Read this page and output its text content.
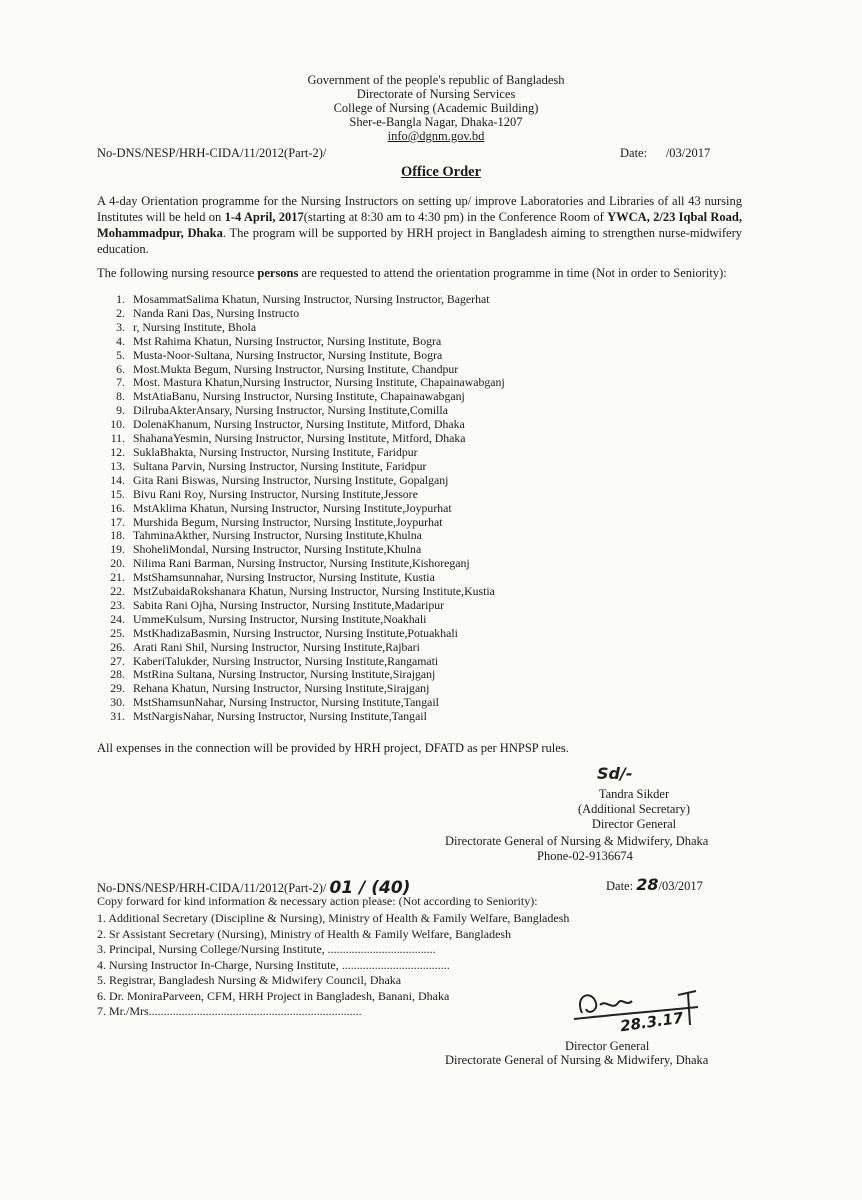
Government of the people's republic of Bangladesh
Directorate of Nursing Services
College of Nursing (Academic Building)
Sher-e-Bangla Nagar, Dhaka-1207
info@dgnm.gov.bd
No-DNS/NESP/HRH-CIDA/11/2012(Part-2)/	Date:      /03/2017
Office Order

A 4-day Orientation programme for the Nursing Instructors on setting up/ improve Laboratories and Libraries of all 43 nursing Institutes will be held on 1-4 April, 2017(starting at 8:30 am to 4:30 pm) in the Conference Room of YWCA, 2/23 Iqbal Road, Mohammadpur, Dhaka. The program will be supported by HRH project in Bangladesh aiming to strengthen nurse-midwifery education.

The following nursing resource persons are requested to attend the orientation programme in time (Not in order to Seniority):

1. MosammatSalima Khatun, Nursing Instructor, Nursing Instructor, Bagerhat
2. Nanda Rani Das, Nursing Instructo
3. r, Nursing Institute, Bhola
4. Mst Rahima Khatun, Nursing Instructor, Nursing Institute, Bogra
5. Musta-Noor-Sultana, Nursing Instructor, Nursing Institute, Bogra
6. Most.Mukta Begum, Nursing Instructor, Nursing Institute, Chandpur
7. Most. Mastura Khatun,Nursing Instructor, Nursing Institute, Chapainawabganj
8. MstAtiaBanu, Nursing Instructor, Nursing Institute, Chapainawabganj
9. DilrubaAkterAnsary, Nursing Instructor, Nursing Institute,Comilla
10. DolenaKhanum, Nursing Instructor, Nursing Institute, Mitford, Dhaka
11. ShahanaYesmin, Nursing Instructor, Nursing Institute, Mitford, Dhaka
12. SuklaBhakta, Nursing Instructor, Nursing Institute, Faridpur
13. Sultana Parvin, Nursing Instructor, Nursing Institute, Faridpur
14. Gita Rani Biswas, Nursing Instructor, Nursing Institute, Gopalganj
15. Bivu Rani Roy, Nursing Instructor, Nursing Institute,Jessore
16. MstAklima Khatun, Nursing Instructor, Nursing Institute,Joypurhat
17. Murshida Begum, Nursing Instructor, Nursing Institute,Joypurhat
18. TahminaAkther, Nursing Instructor, Nursing Institute,Khulna
19. ShoheliMondal, Nursing Instructor, Nursing Institute,Khulna
20. Nilima Rani Barman, Nursing Instructor, Nursing Institute,Kishoreganj
21. MstShamsunnahar, Nursing Instructor, Nursing Institute, Kustia
22. MstZubaidaRokshanara Khatun, Nursing Instructor, Nursing Institute,Kustia
23. Sabita Rani Ojha, Nursing Instructor, Nursing Institute,Madaripur
24. UmmeKulsum, Nursing Instructor, Nursing Institute,Noakhali
25. MstKhadizaBasmin, Nursing Instructor, Nursing Institute,Potuakhali
26. Arati Rani Shil, Nursing Instructor, Nursing Institute,Rajbari
27. KaberiTalukder, Nursing Instructor, Nursing Institute,Rangamati
28. MstRina Sultana, Nursing Instructor, Nursing Institute,Sirajganj
29. Rehana Khatun, Nursing Instructor, Nursing Institute,Sirajganj
30. MstShamsunNahar, Nursing Instructor, Nursing Institute,Tangail
31. MstNargisNahar, Nursing Instructor, Nursing Institute,Tangail

All expenses in the connection will be provided by HRH project, DFATD as per HNPSP rules.

Sd/-
Tandra Sikder
(Additional Secretary)
Director General
Directorate General of Nursing & Midwifery, Dhaka
Phone-02-9136674
No-DNS/NESP/HRH-CIDA/11/2012(Part-2)/ 01 / (40)	Date: 28/03/2017
Copy forward for kind information & necessary action please: (Not according to Seniority):
1. Additional Secretary (Discipline & Nursing), Ministry of Health & Family Welfare, Bangladesh
2. Sr Assistant Secretary (Nursing), Ministry of Health & Family Welfare, Bangladesh
3. Principal, Nursing College/Nursing Institute, ....................................
4. Nursing Instructor In-Charge, Nursing Institute, ....................................
5. Registrar, Bangladesh Nursing & Midwifery Council, Dhaka
6. Dr. MoniraParveen, CFM, HRH Project in Bangladesh, Banani, Dhaka
7. Mr./Mrs.......................................................................	28.3.17
Director General
Directorate General of Nursing & Midwifery, Dhaka
